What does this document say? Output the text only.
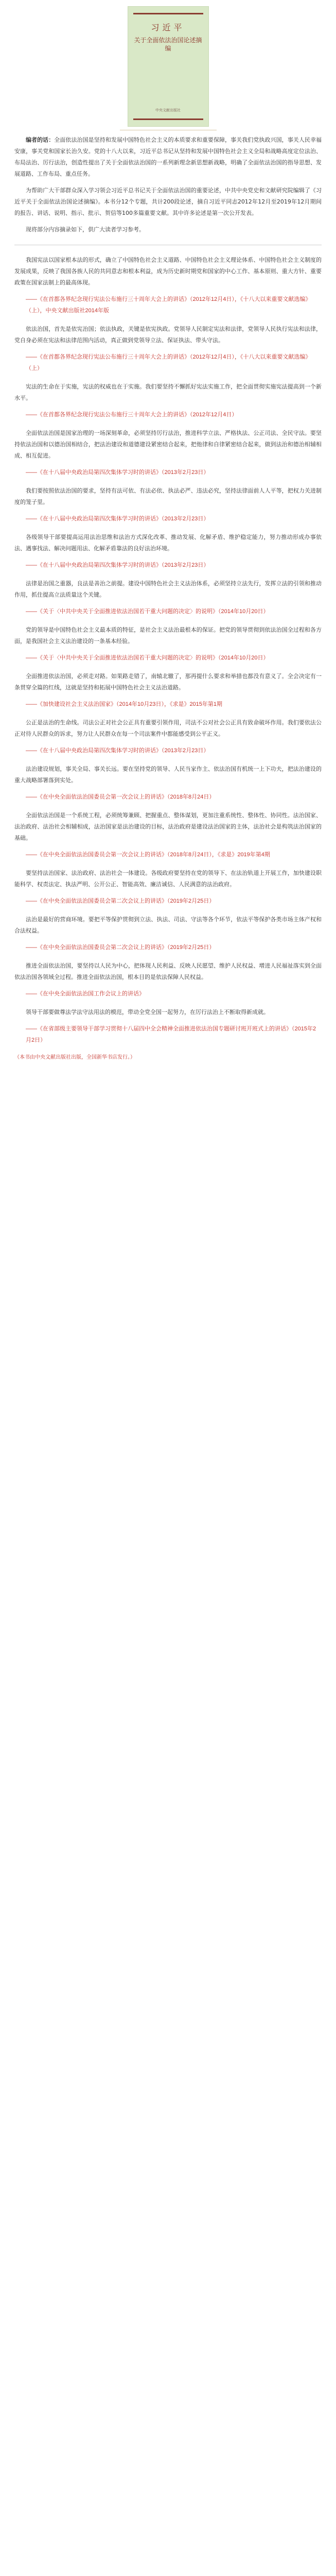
习近平
关于全面依法治国论述摘编
中央文献出版社

编者的话：全面依法治国是坚持和发展中国特色社会主义的本质要求和重要保障，事关我们党执政兴国，事关人民幸福安康，事关党和国家长治久安。党的十八大以来，习近平总书记从坚持和发展中国特色社会主义全局和战略高度定位法治、布局法治、厉行法治，创造性提出了关于全面依法治国的一系列新理念新思想新战略，明确了全面依法治国的指导思想、发展道路、工作布局、重点任务。

为帮助广大干部群众深入学习领会习近平总书记关于全面依法治国的重要论述，中共中央党史和文献研究院编辑了《习近平关于全面依法治国论述摘编》。本书分12个专题，共计200段论述，摘自习近平同志2012年12月至2019年12月期间的报告、讲话、说明、指示、批示、贺信等100多篇重要文献。其中许多论述是第一次公开发表。

现将部分内容摘录如下，供广大读者学习参考。

我国宪法以国家根本法的形式，确立了中国特色社会主义道路、中国特色社会主义理论体系、中国特色社会主义制度的发展成果，反映了我国各族人民的共同意志和根本利益，成为历史新时期党和国家的中心工作、基本原则、重大方针、重要政策在国家法制上的最高体现。

——《在首都各界纪念现行宪法公布施行三十周年大会上的讲话》（2012年12月4日），《十八大以来重要文献选编》（上），中央文献出版社2014年版

依法治国，首先是依宪治国；依法执政，关键是依宪执政。党领导人民制定宪法和法律，党领导人民执行宪法和法律，党自身必须在宪法和法律范围内活动，真正做到党领导立法、保证执法、带头守法。

——《在首都各界纪念现行宪法公布施行三十周年大会上的讲话》（2012年12月4日），《十八大以来重要文献选编》（上）

宪法的生命在于实施，宪法的权威也在于实施。我们要坚持不懈抓好宪法实施工作，把全面贯彻实施宪法提高到一个新水平。

——《在首都各界纪念现行宪法公布施行三十周年大会上的讲话》（2012年12月4日）

全面依法治国是国家治理的一场深刻革命，必须坚持厉行法治，推进科学立法、严格执法、公正司法、全民守法。要坚持依法治国和以德治国相结合，把法治建设和道德建设紧密结合起来，把他律和自律紧密结合起来，做到法治和德治相辅相成、相互促进。

——《在十八届中央政治局第四次集体学习时的讲话》（2013年2月23日）

我们要按照依法治国的要求，坚持有法可依、有法必依、执法必严、违法必究，坚持法律面前人人平等，把权力关进制度的笼子里。

——《在十八届中央政治局第四次集体学习时的讲话》（2013年2月23日）

各级领导干部要提高运用法治思维和法治方式深化改革、推动发展、化解矛盾、维护稳定能力，努力推动形成办事依法、遇事找法、解决问题用法、化解矛盾靠法的良好法治环境。

——《在十八届中央政治局第四次集体学习时的讲话》（2013年2月23日）

法律是治国之重器，良法是善治之前提。建设中国特色社会主义法治体系，必须坚持立法先行，发挥立法的引领和推动作用，抓住提高立法质量这个关键。

——《关于〈中共中央关于全面推进依法治国若干重大问题的决定〉的说明》（2014年10月20日）

党的领导是中国特色社会主义最本质的特征，是社会主义法治最根本的保证。把党的领导贯彻到依法治国全过程和各方面，是我国社会主义法治建设的一条基本经验。

——《关于〈中共中央关于全面推进依法治国若干重大问题的决定〉的说明》（2014年10月20日）

全面推进依法治国，必须走对路。如果路走错了，南辕北辙了，那再提什么要求和举措也都没有意义了。全会决定有一条贯穿全篇的红线，这就是坚持和拓展中国特色社会主义法治道路。

——《加快建设社会主义法治国家》（2014年10月23日），《求是》2015年第1期

公正是法治的生命线。司法公正对社会公正具有重要引领作用，司法不公对社会公正具有致命破坏作用。我们要依法公正对待人民群众的诉求，努力让人民群众在每一个司法案件中都能感受到公平正义。

——《在十八届中央政治局第四次集体学习时的讲话》（2013年2月23日）

法治建设规划，事关全局、事关长远。要在坚持党的领导、人民当家作主、依法治国有机统一上下功夫，把法治建设的重大战略部署落到实处。

——《在中央全面依法治国委员会第一次会议上的讲话》（2018年8月24日）

全面依法治国是一个系统工程，必须统筹兼顾、把握重点、整体谋划，更加注重系统性、整体性、协同性。法治国家、法治政府、法治社会相辅相成，法治国家是法治建设的目标，法治政府是建设法治国家的主体，法治社会是构筑法治国家的基础。

——《在中央全面依法治国委员会第一次会议上的讲话》（2018年8月24日），《求是》2019年第4期

要坚持法治国家、法治政府、法治社会一体建设。各级政府要坚持在党的领导下、在法治轨道上开展工作，加快建设职能科学、权责法定、执法严明、公开公正、智能高效、廉洁诚信、人民满意的法治政府。

——《在中央全面依法治国委员会第二次会议上的讲话》（2019年2月25日）

法治是最好的营商环境。要把平等保护贯彻到立法、执法、司法、守法等各个环节，依法平等保护各类市场主体产权和合法权益。

——《在中央全面依法治国委员会第二次会议上的讲话》（2019年2月25日）

推进全面依法治国，要坚持以人民为中心，把体现人民利益、反映人民愿望、维护人民权益、增进人民福祉落实到全面依法治国各领域全过程。推进全面依法治国，根本目的是依法保障人民权益。

——《在中央全面依法治国工作会议上的讲话》

领导干部要做尊法学法守法用法的模范，带动全党全国一起努力，在厉行法治上不断取得新成就。

——《在省部级主要领导干部学习贯彻十八届四中全会精神全面推进依法治国专题研讨班开班式上的讲话》（2015年2月2日）

（本书由中央文献出版社出版，全国新华书店发行。）
